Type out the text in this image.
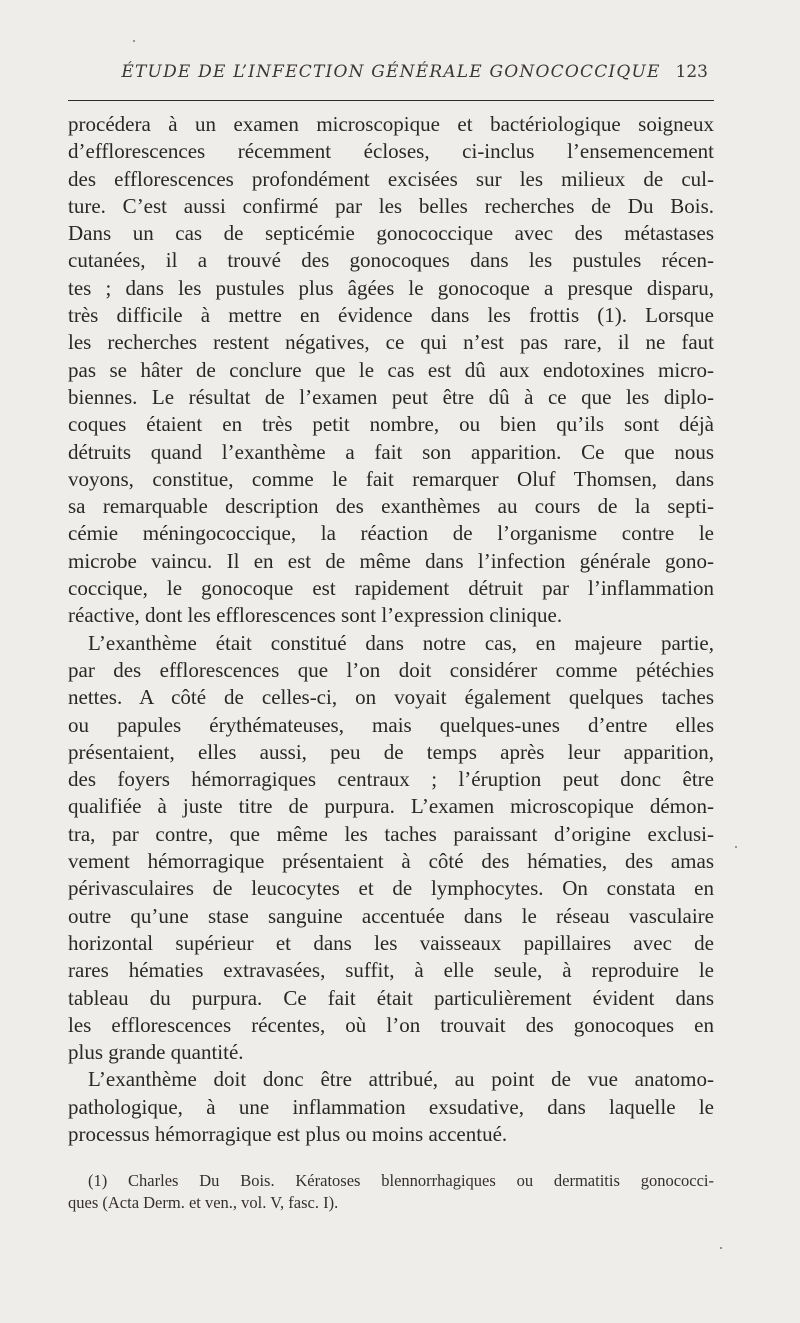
ÉTUDE DE L’INFECTION GÉNÉRALE GONOCOCCIQUE 123

procédera à un examen microscopique et bactériologique soigneux
d’efflorescences récemment écloses, ci-inclus l’ensemencement
des efflorescences profondément excisées sur les milieux de cul-
ture. C’est aussi confirmé par les belles recherches de Du Bois.
Dans un cas de septicémie gonococcique avec des métastases
cutanées, il a trouvé des gonocoques dans les pustules récen-
tes ; dans les pustules plus âgées le gonocoque a presque disparu,
très difficile à mettre en évidence dans les frottis (1). Lorsque
les recherches restent négatives, ce qui n’est pas rare, il ne faut
pas se hâter de conclure que le cas est dû aux endotoxines micro-
biennes. Le résultat de l’examen peut être dû à ce que les diplo-
coques étaient en très petit nombre, ou bien qu’ils sont déjà
détruits quand l’exanthème a fait son apparition. Ce que nous
voyons, constitue, comme le fait remarquer Oluf Thomsen, dans
sa remarquable description des exanthèmes au cours de la septi-
cémie méningococcique, la réaction de l’organisme contre le
microbe vaincu. Il en est de même dans l’infection générale gono-
coccique, le gonocoque est rapidement détruit par l’inflammation
réactive, dont les efflorescences sont l’expression clinique.

L’exanthème était constitué dans notre cas, en majeure partie,
par des efflorescences que l’on doit considérer comme pétéchies
nettes. A côté de celles-ci, on voyait également quelques taches
ou papules érythémateuses, mais quelques-unes d’entre elles
présentaient, elles aussi, peu de temps après leur apparition,
des foyers hémorragiques centraux ; l’éruption peut donc être
qualifiée à juste titre de purpura. L’examen microscopique démon-
tra, par contre, que même les taches paraissant d’origine exclusi-
vement hémorragique présentaient à côté des hématies, des amas
périvasculaires de leucocytes et de lymphocytes. On constata en
outre qu’une stase sanguine accentuée dans le réseau vasculaire
horizontal supérieur et dans les vaisseaux papillaires avec de
rares hématies extravasées, suffit, à elle seule, à reproduire le
tableau du purpura. Ce fait était particulièrement évident dans
les efflorescences récentes, où l’on trouvait des gonocoques en
plus grande quantité.

L’exanthème doit donc être attribué, au point de vue anatomo-
pathologique, à une inflammation exsudative, dans laquelle le
processus hémorragique est plus ou moins accentué.

(1) Charles Du Bois. Kératoses blennorrhagiques ou dermatitis gonococci-
ques (Acta Derm. et ven., vol. V, fasc. I).
